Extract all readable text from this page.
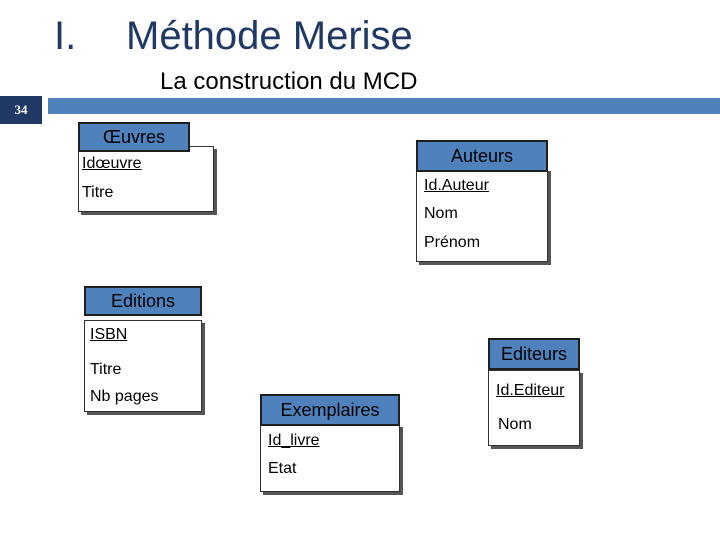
I. Méthode Merise
La construction du MCD
34
Œuvres
Idœuvre
Titre
Auteurs
Id.Auteur
Nom
Prénom
Editions
ISBN
Titre
Nb pages
Editeurs
Id.Editeur
Nom
Exemplaires
Id_livre
Etat
